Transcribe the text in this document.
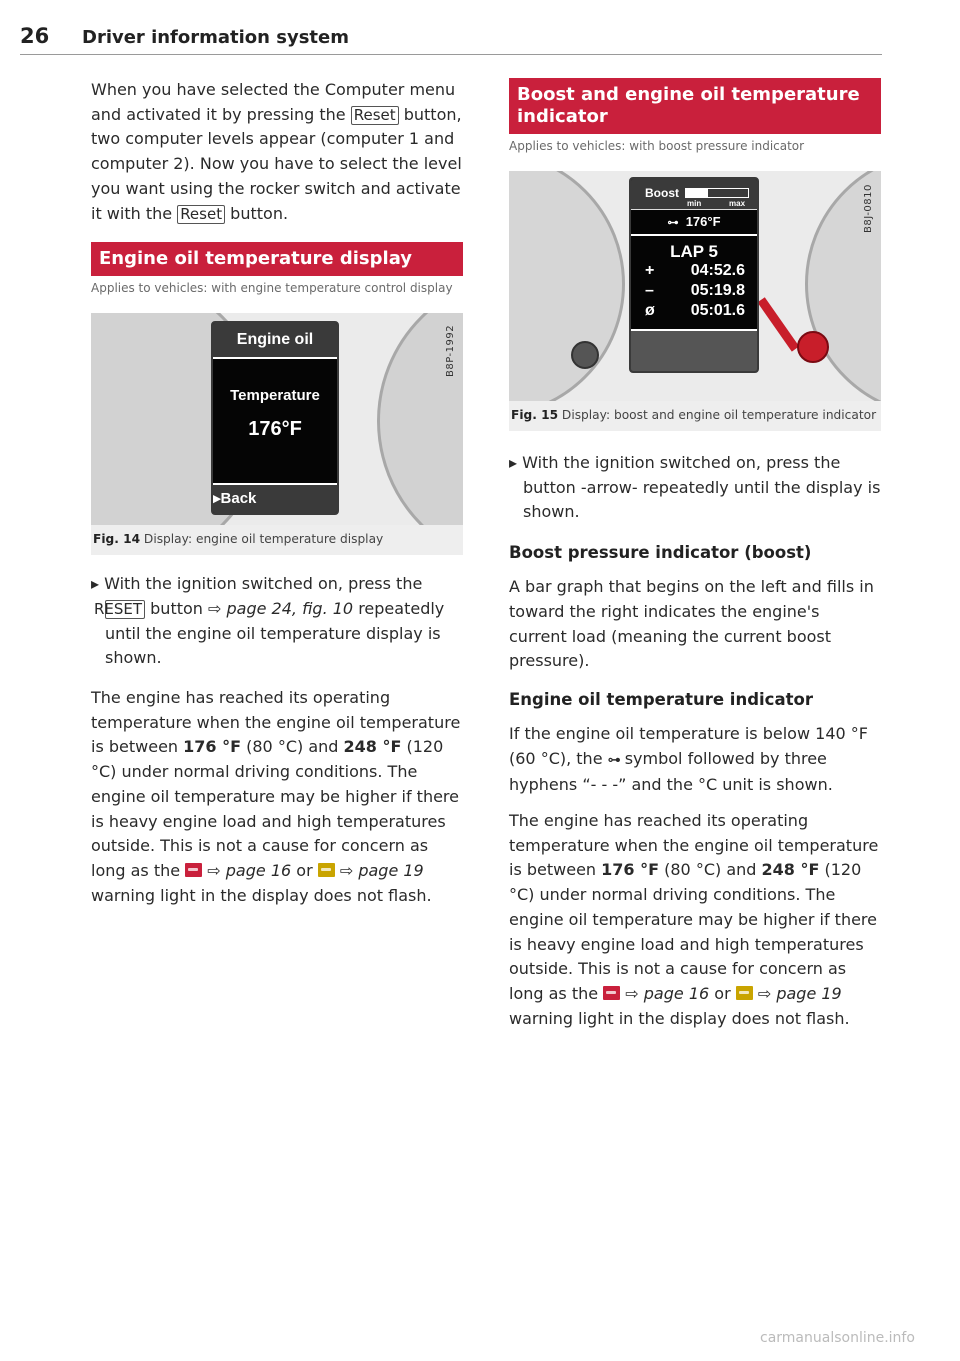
26 Driver information system

When you have selected the Computer menu and activated it by pressing the Reset button, two computer levels appear (computer 1 and computer 2). Now you have to select the level you want using the rocker switch and activate it with the Reset button.

Engine oil temperature display
Applies to vehicles: with engine temperature control display
Engine oil
Temperature
176°F
▸Back
B8P-1992
Fig. 14 Display: engine oil temperature display

▸ With the ignition switched on, press the RESET button ⇨ page 24, fig. 10 repeatedly until the engine oil temperature display is shown.

The engine has reached its operating temperature when the engine oil temperature is between 176 °F (80 °C) and 248 °F (120 °C) under normal driving conditions. The engine oil temperature may be higher if there is heavy engine load and high temperatures outside. This is not a cause for concern as long as the  ⇨ page 16 or  ⇨ page 19 warning light in the display does not flash.

Boost and engine oil temperature indicator
Applies to vehicles: with boost pressure indicator
Boost
min	max
⊶ 176°F
LAP 5
+ 04:52.6
– 05:19.8
ø 05:01.6
B8J-0810
Fig. 15 Display: boost and engine oil temperature indicator

▸ With the ignition switched on, press the button -arrow- repeatedly until the display is shown.

Boost pressure indicator (boost)

A bar graph that begins on the left and fills in toward the right indicates the engine's current load (meaning the current boost pressure).

Engine oil temperature indicator

If the engine oil temperature is below 140 °F (60 °C), the ⊶ symbol followed by three hyphens “- - -” and the °C unit is shown.

The engine has reached its operating temperature when the engine oil temperature is between 176 °F (80 °C) and 248 °F (120 °C) under normal driving conditions. The engine oil temperature may be higher if there is heavy engine load and high temperatures outside. This is not a cause for concern as long as the  ⇨ page 16 or  ⇨ page 19 warning light in the display does not flash.

carmanualsonline.info
